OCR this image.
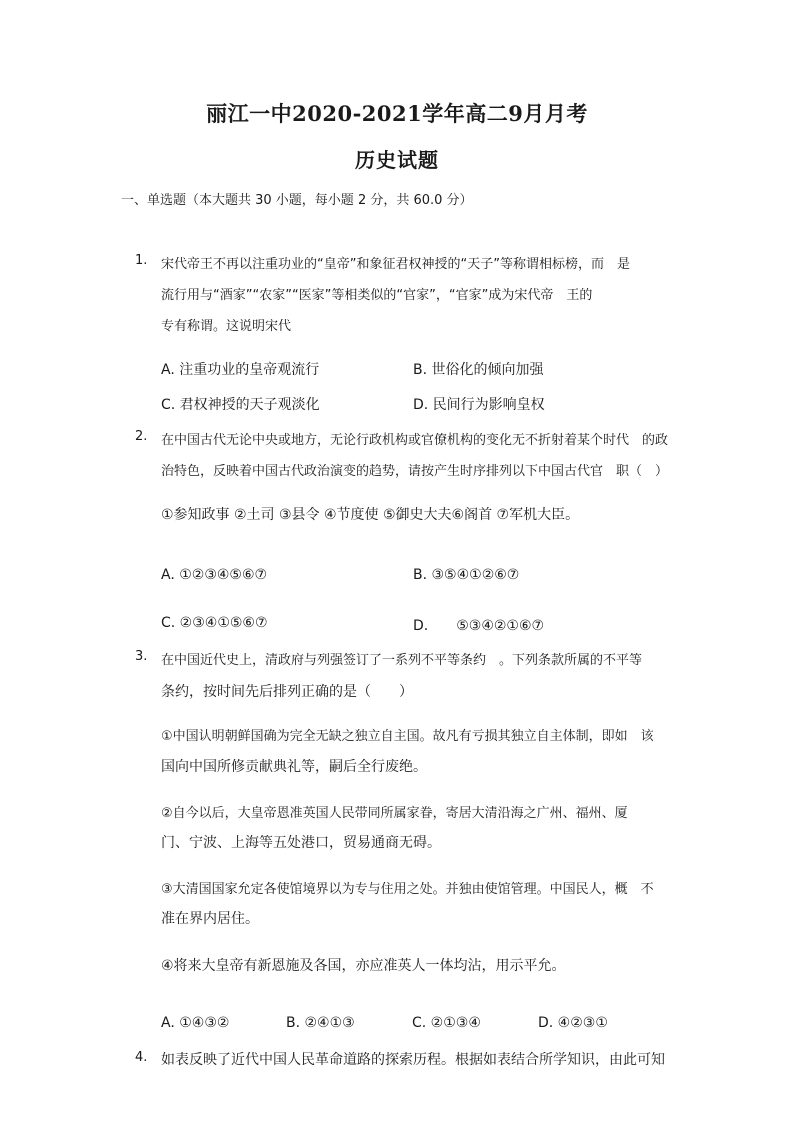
丽江一中2020-2021学年高二9月月考
历史试题
一、单选题（本大题共 30 小题，每小题 2 分，共 60.0 分）
1. 宋代帝王不再以注重功业的“皇帝”和象征君权神授的“天子”等称谓相标榜，而　是
流行用与“酒家”“农家”“医家”等相类似的“官家”，“官家”成为宋代帝　王的
专有称谓。这说明宋代
A. 注重功业的皇帝观流行	B. 世俗化的倾向加强
C. 君权神授的天子观淡化	D. 民间行为影响皇权
2. 在中国古代无论中央或地方，无论行政机构或官僚机构的变化无不折射着某个时代　的政
治特色，反映着中国古代政治演变的趋势，请按产生时序排列以下中国古代官　职（　）
①参知政事 ②土司 ③县令 ④节度使 ⑤御史大夫⑥阁首 ⑦军机大臣。
A. ①②③④⑤⑥⑦	B. ③⑤④①②⑥⑦
C. ②③④①⑤⑥⑦	D.　　⑤③④②①⑥⑦
3. 在中国近代史上，清政府与列强签订了一系列不平等条约　。下列条款所属的不平等
条约，按时间先后排列正确的是（　　）
①中国认明朝鲜国确为完全无缺之独立自主国。故凡有亏损其独立自主体制，即如　该
国向中国所修贡献典礼等，嗣后全行废绝。
②自今以后，大皇帝恩准英国人民带同所属家眷，寄居大清沿海之广州、福州、厦
门、宁波、上海等五处港口，贸易通商无碍。
③大清国国家允定各使馆境界以为专与住用之处。并独由使馆管理。中国民人，概　不
准在界内居住。
④将来大皇帝有新恩施及各国，亦应准英人一体均沾，用示平允。
A. ①④③②	B. ②④①③	C. ②①③④	D. ④②③①
4. 如表反映了近代中国人民革命道路的探索历程。根据如表结合所学知识，由此可知
